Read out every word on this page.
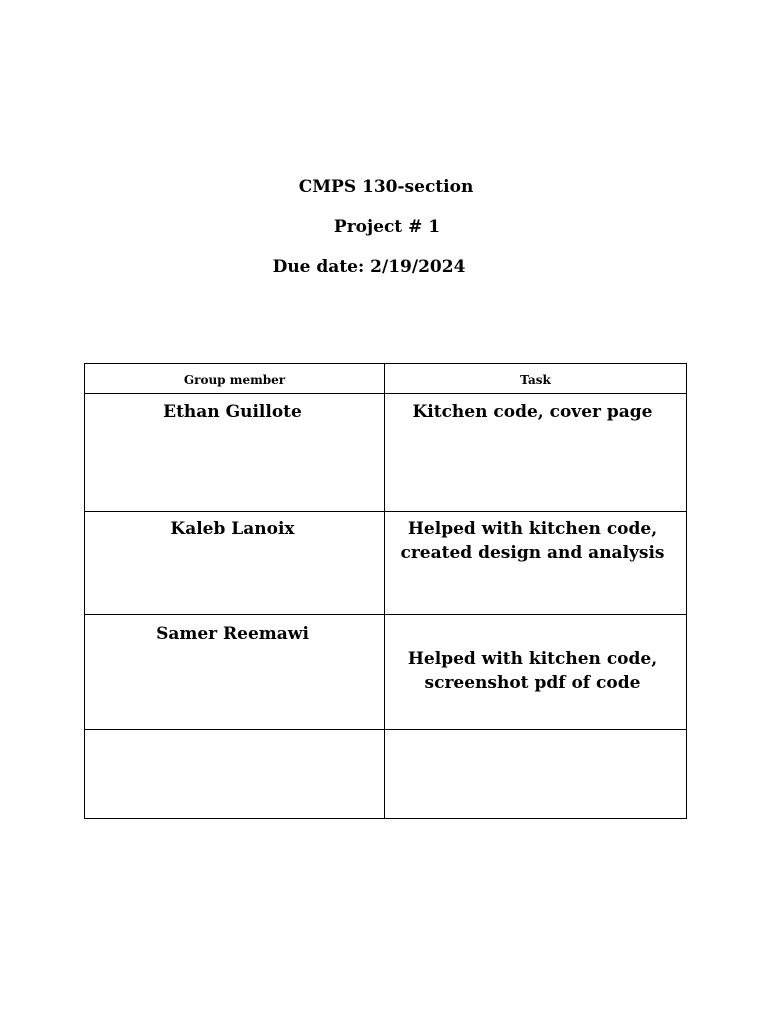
CMPS 130-section
Project # 1
Due date: 2/19/2024
Group member	Task

Ethan Guillote	Kitchen code, cover page

Kaleb Lanoix	Helped with kitchen code,
created design and analysis

Samer Reemawi	Helped with kitchen code,
screenshot pdf of code
